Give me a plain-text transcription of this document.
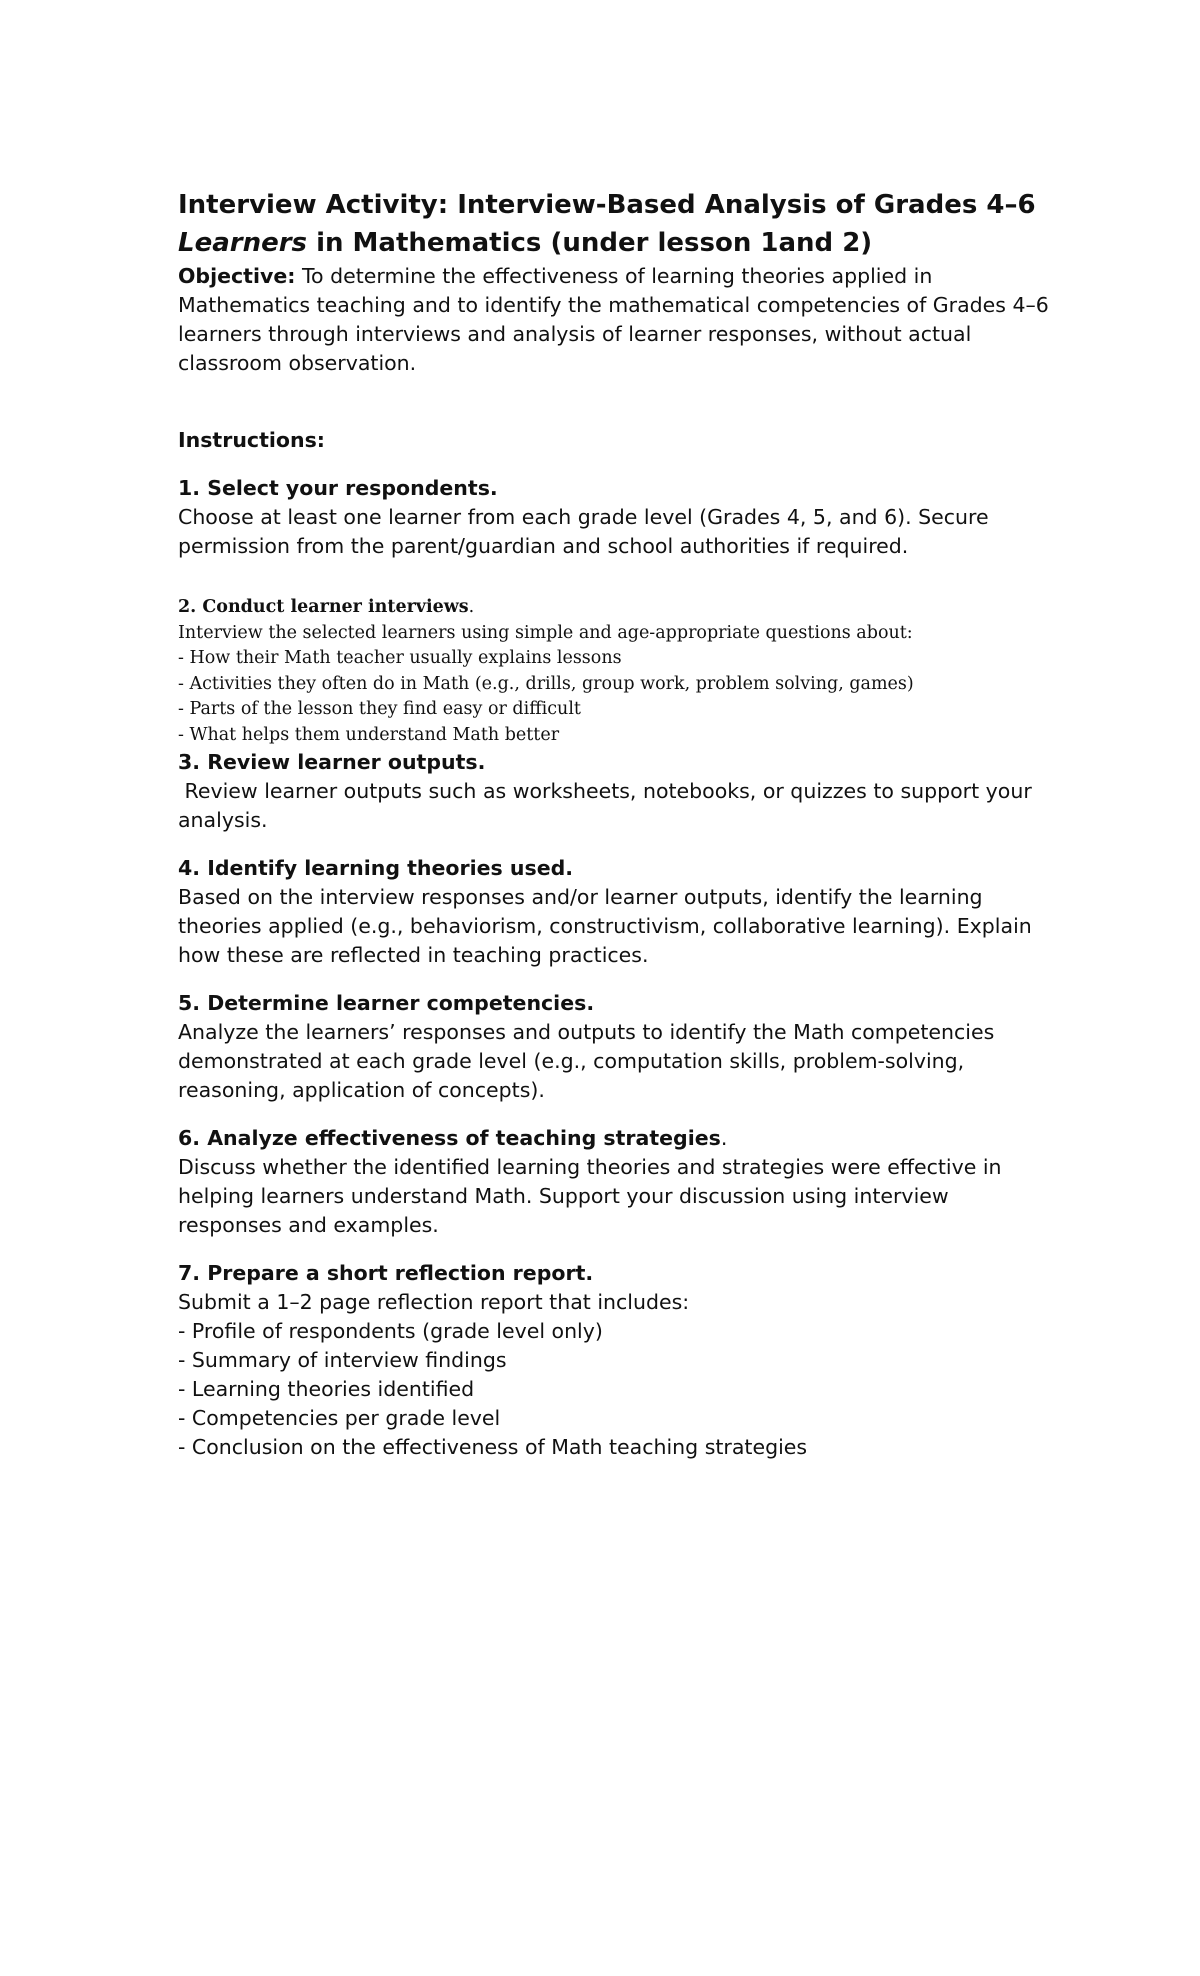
Interview Activity: Interview-Based Analysis of Grades 4–6 Learners in Mathematics (under lesson 1and 2)

Objective: To determine the effectiveness of learning theories applied in Mathematics teaching and to identify the mathematical competencies of Grades 4–6 learners through interviews and analysis of learner responses, without actual classroom observation.

Instructions:
1. Select your respondents.
Choose at least one learner from each grade level (Grades 4, 5, and 6). Secure permission from the parent/guardian and school authorities if required.
2. Conduct learner interviews.
Interview the selected learners using simple and age-appropriate questions about:
- How their Math teacher usually explains lessons
- Activities they often do in Math (e.g., drills, group work, problem solving, games)
- Parts of the lesson they find easy or difficult
- What helps them understand Math better
3. Review learner outputs.
Review learner outputs such as worksheets, notebooks, or quizzes to support your analysis.
4. Identify learning theories used.
Based on the interview responses and/or learner outputs, identify the learning theories applied (e.g., behaviorism, constructivism, collaborative learning). Explain how these are reflected in teaching practices.
5. Determine learner competencies.
Analyze the learners’ responses and outputs to identify the Math competencies demonstrated at each grade level (e.g., computation skills, problem-solving, reasoning, application of concepts).
6. Analyze effectiveness of teaching strategies.
Discuss whether the identified learning theories and strategies were effective in helping learners understand Math. Support your discussion using interview responses and examples.
7. Prepare a short reflection report.
Submit a 1–2 page reflection report that includes:
- Profile of respondents (grade level only)
- Summary of interview findings
- Learning theories identified
- Competencies per grade level
- Conclusion on the effectiveness of Math teaching strategies
